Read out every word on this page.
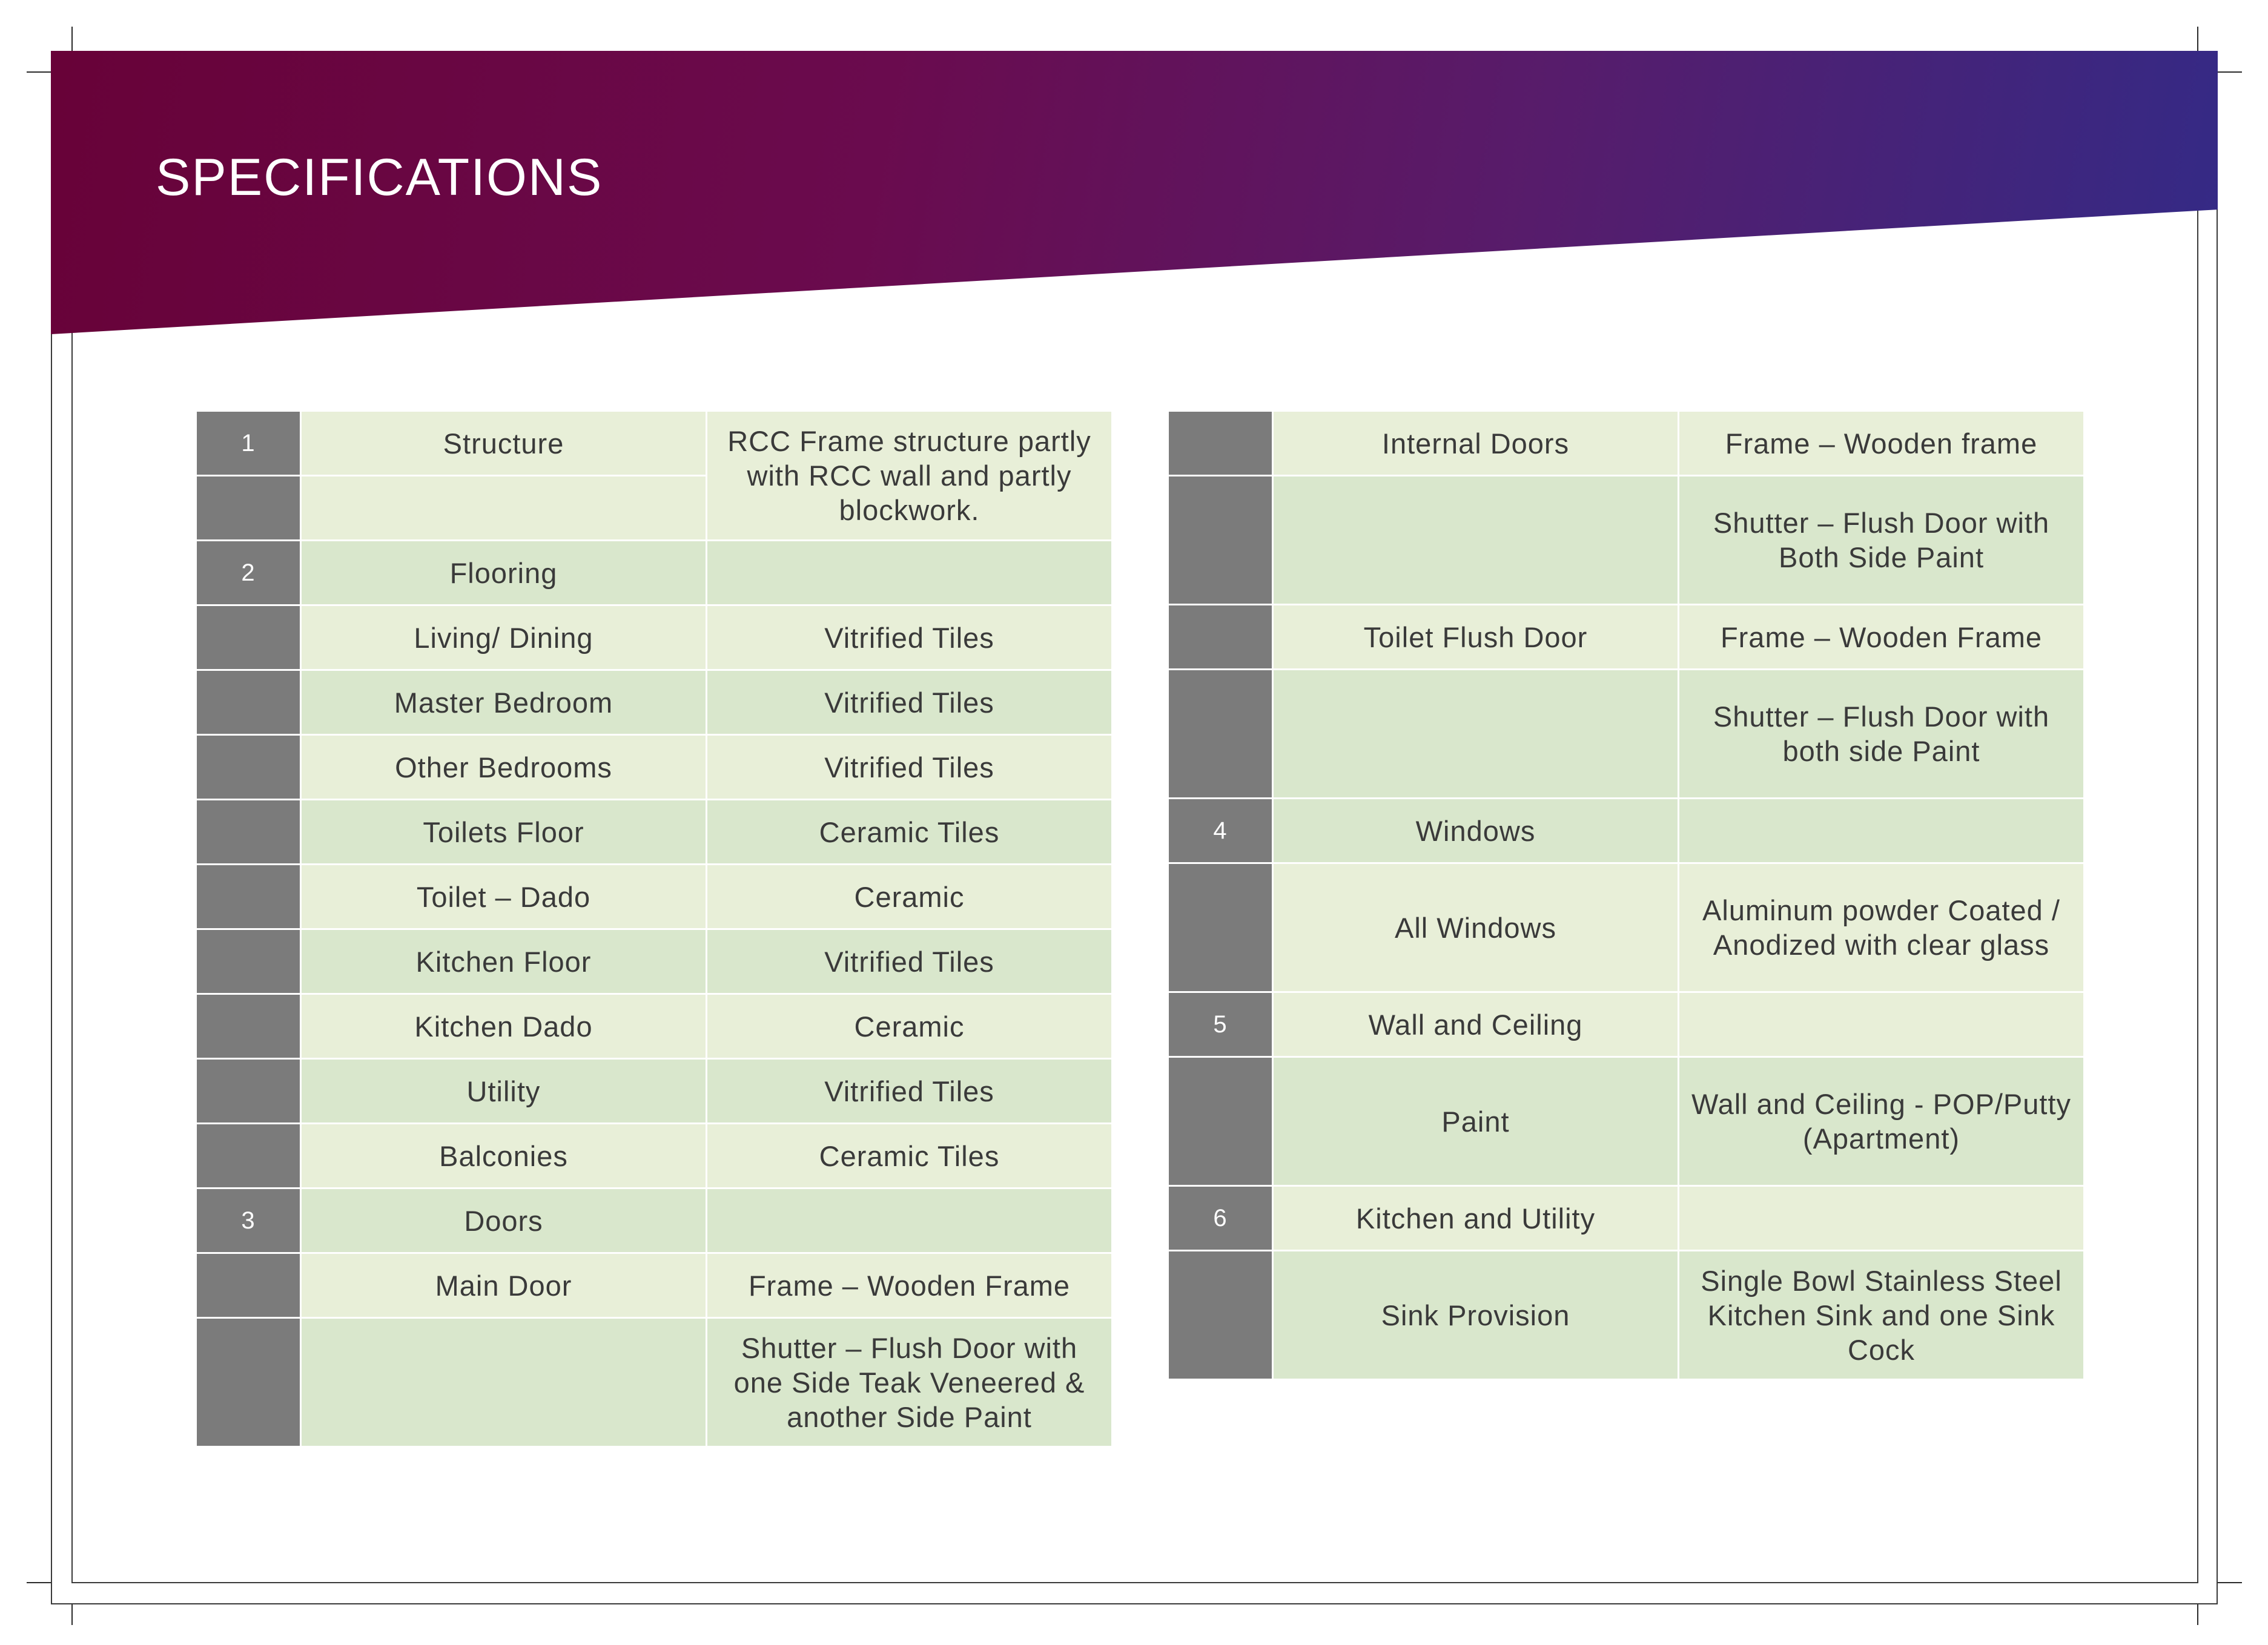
SPECIFICATIONS
1	Structure	RCC Frame structure partly with RCC wall and partly blockwork.

2	Flooring	
	Living/ Dining	Vitrified Tiles
	Master Bedroom	Vitrified Tiles
	Other Bedrooms	Vitrified Tiles
	Toilets Floor	Ceramic Tiles
	Toilet – Dado	Ceramic
	Kitchen Floor	Vitrified Tiles
	Kitchen Dado	Ceramic
	Utility	Vitrified Tiles
	Balconies	Ceramic Tiles
3	Doors	
	Main Door	Frame – Wooden Frame
		Shutter – Flush Door with one Side Teak Veneered & another Side Paint
	Internal Doors	Frame – Wooden frame
		Shutter – Flush Door with Both Side Paint
	Toilet Flush Door	Frame – Wooden Frame
		Shutter – Flush Door with both side Paint
4	Windows	
	All Windows	Aluminum powder Coated / Anodized with clear glass
5	Wall and Ceiling	
	Paint	Wall and Ceiling - POP/Putty (Apartment)
6	Kitchen and Utility	
	Sink Provision	Single Bowl Stainless Steel Kitchen Sink and one Sink Cock
